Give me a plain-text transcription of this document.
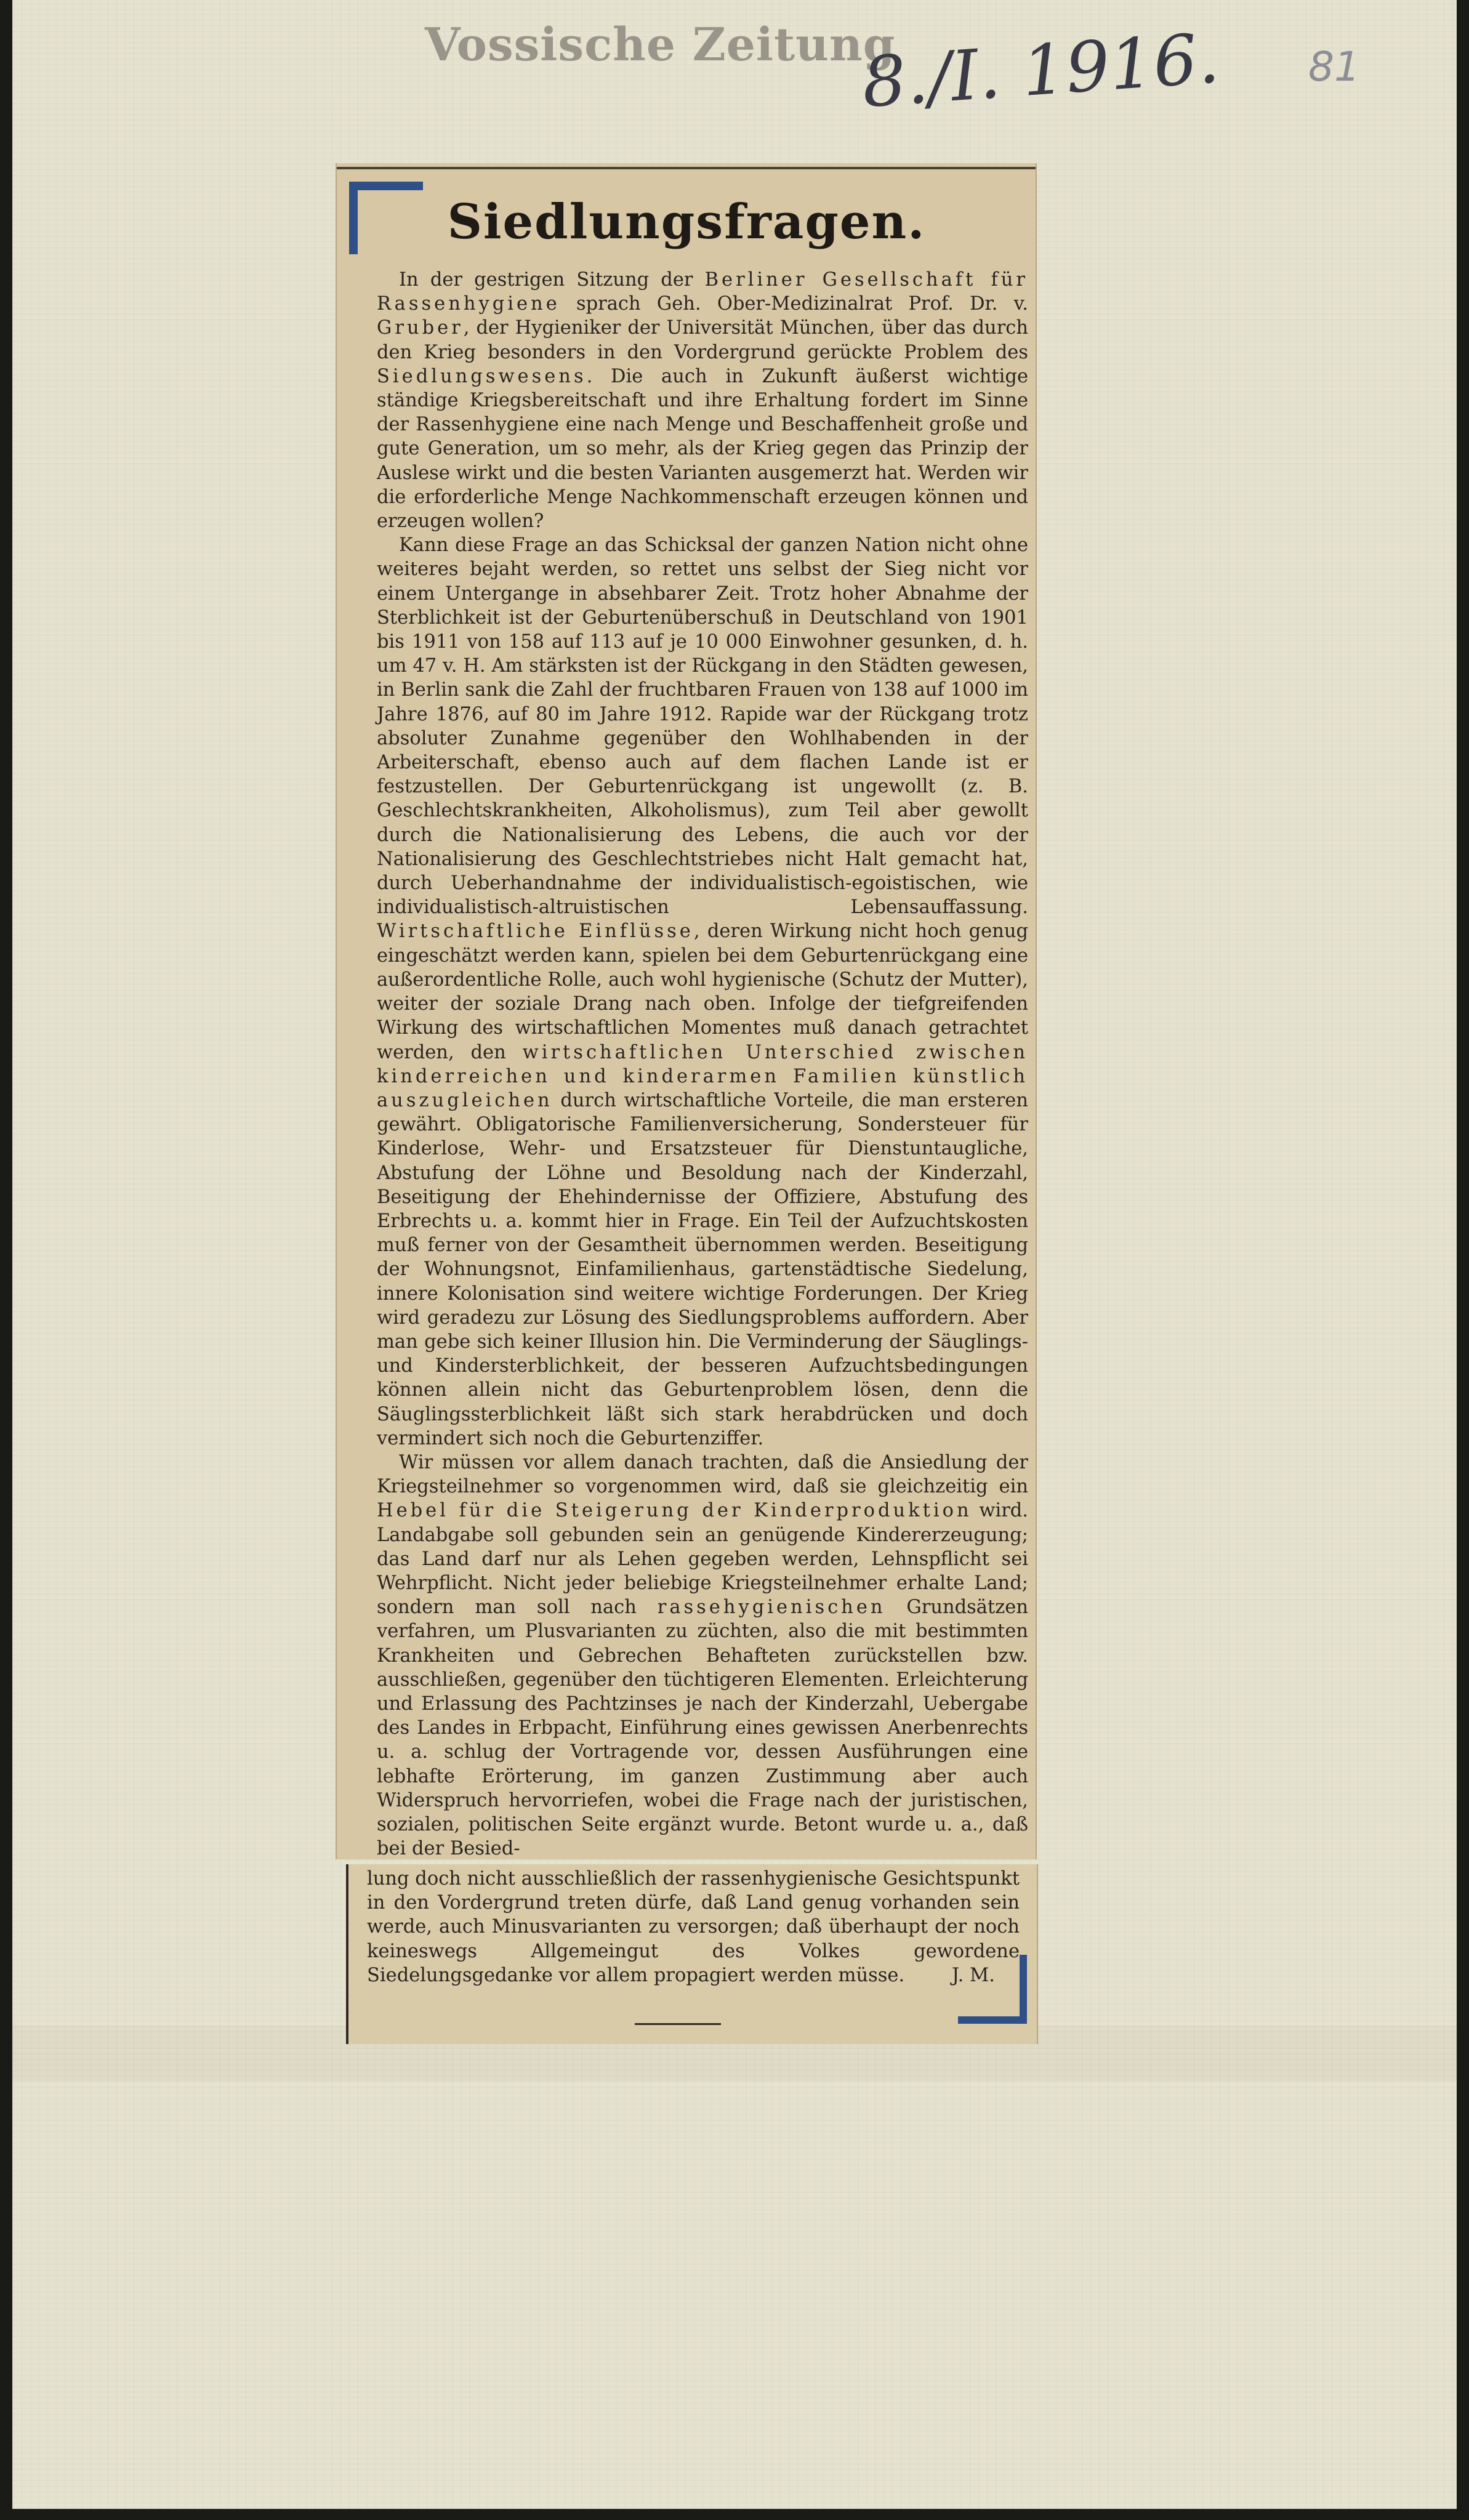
Vossische Zeitung
8./I. 1916. 81
Siedlungsfragen.

In der gestrigen Sitzung der Berliner Gesellschaft für Rassenhygiene sprach Geh. Ober-Medizinalrat Prof. Dr. v. Gruber, der Hygieniker der Universität München, über das durch den Krieg besonders in den Vordergrund gerückte Problem des Siedlungswesens. Die auch in Zukunft äußerst wichtige ständige Kriegsbereitschaft und ihre Erhaltung fordert im Sinne der Rassenhygiene eine nach Menge und Beschaffenheit große und gute Generation, um so mehr, als der Krieg gegen das Prinzip der Auslese wirkt und die besten Varianten ausgemerzt hat. Werden wir die erforderliche Menge Nachkommenschaft erzeugen können und erzeugen wollen?

Kann diese Frage an das Schicksal der ganzen Nation nicht ohne weiteres bejaht werden, so rettet uns selbst der Sieg nicht vor einem Untergange in absehbarer Zeit. Trotz hoher Abnahme der Sterblichkeit ist der Geburtenüberschuß in Deutschland von 1901 bis 1911 von 158 auf 113 auf je 10 000 Einwohner gesunken, d. h. um 47 v. H. Am stärksten ist der Rückgang in den Städten gewesen, in Berlin sank die Zahl der fruchtbaren Frauen von 138 auf 1000 im Jahre 1876, auf 80 im Jahre 1912. Rapide war der Rückgang trotz absoluter Zunahme gegenüber den Wohlhabenden in der Arbeiterschaft, ebenso auch auf dem flachen Lande ist er festzustellen. Der Geburtenrückgang ist ungewollt (z. B. Geschlechtskrankheiten, Alkoholismus), zum Teil aber gewollt durch die Nationalisierung des Lebens, die auch vor der Nationalisierung des Geschlechtstriebes nicht Halt gemacht hat, durch Ueberhandnahme der individualistisch-egoistischen, wie individualistisch-altruistischen Lebensauffassung. Wirtschaftliche Einflüsse, deren Wirkung nicht hoch genug eingeschätzt werden kann, spielen bei dem Geburtenrückgang eine außerordentliche Rolle, auch wohl hygienische (Schutz der Mutter), weiter der soziale Drang nach oben. Infolge der tiefgreifenden Wirkung des wirtschaftlichen Momentes muß danach getrachtet werden, den wirtschaftlichen Unterschied zwischen kinderreichen und kinderarmen Familien künstlich auszugleichen durch wirtschaftliche Vorteile, die man ersteren gewährt. Obligatorische Familienversicherung, Sondersteuer für Kinderlose, Wehr- und Ersatzsteuer für Dienstuntaugliche, Abstufung der Löhne und Besoldung nach der Kinderzahl, Beseitigung der Ehehindernisse der Offiziere, Abstufung des Erbrechts u. a. kommt hier in Frage. Ein Teil der Aufzuchtskosten muß ferner von der Gesamtheit übernommen werden. Beseitigung der Wohnungsnot, Einfamilienhaus, gartenstädtische Siedelung, innere Kolonisation sind weitere wichtige Forderungen. Der Krieg wird geradezu zur Lösung des Siedlungsproblems auffordern. Aber man gebe sich keiner Illusion hin. Die Verminderung der Säuglings- und Kindersterblichkeit, der besseren Aufzuchtsbedingungen können allein nicht das Geburtenproblem lösen, denn die Säuglingssterblichkeit läßt sich stark herabdrücken und doch vermindert sich noch die Geburtenziffer.

Wir müssen vor allem danach trachten, daß die Ansiedlung der Kriegsteilnehmer so vorgenommen wird, daß sie gleichzeitig ein Hebel für die Steigerung der Kinderproduktion wird. Landabgabe soll gebunden sein an genügende Kindererzeugung; das Land darf nur als Lehen gegeben werden, Lehnspflicht sei Wehrpflicht. Nicht jeder beliebige Kriegsteilnehmer erhalte Land; sondern man soll nach rassehygienischen Grundsätzen verfahren, um Plusvarianten zu züchten, also die mit bestimmten Krankheiten und Gebrechen Behafteten zurückstellen bzw. ausschließen, gegenüber den tüchtigeren Elementen. Erleichterung und Erlassung des Pachtzinses je nach der Kinderzahl, Uebergabe des Landes in Erbpacht, Einführung eines gewissen Anerbenrechts u. a. schlug der Vortragende vor, dessen Ausführungen eine lebhafte Erörterung, im ganzen Zustimmung aber auch Widerspruch hervorriefen, wobei die Frage nach der juristischen, sozialen, politischen Seite ergänzt wurde. Betont wurde u. a., daß bei der Besied-

lung doch nicht ausschließlich der rassenhygienische Gesichtspunkt in den Vordergrund treten dürfe, daß Land genug vorhanden sein werde, auch Minusvarianten zu versorgen; daß überhaupt der noch keineswegs Allgemeingut des Volkes gewordene Siedelungsgedanke vor allem propagiert werden müsse.	J. M.
